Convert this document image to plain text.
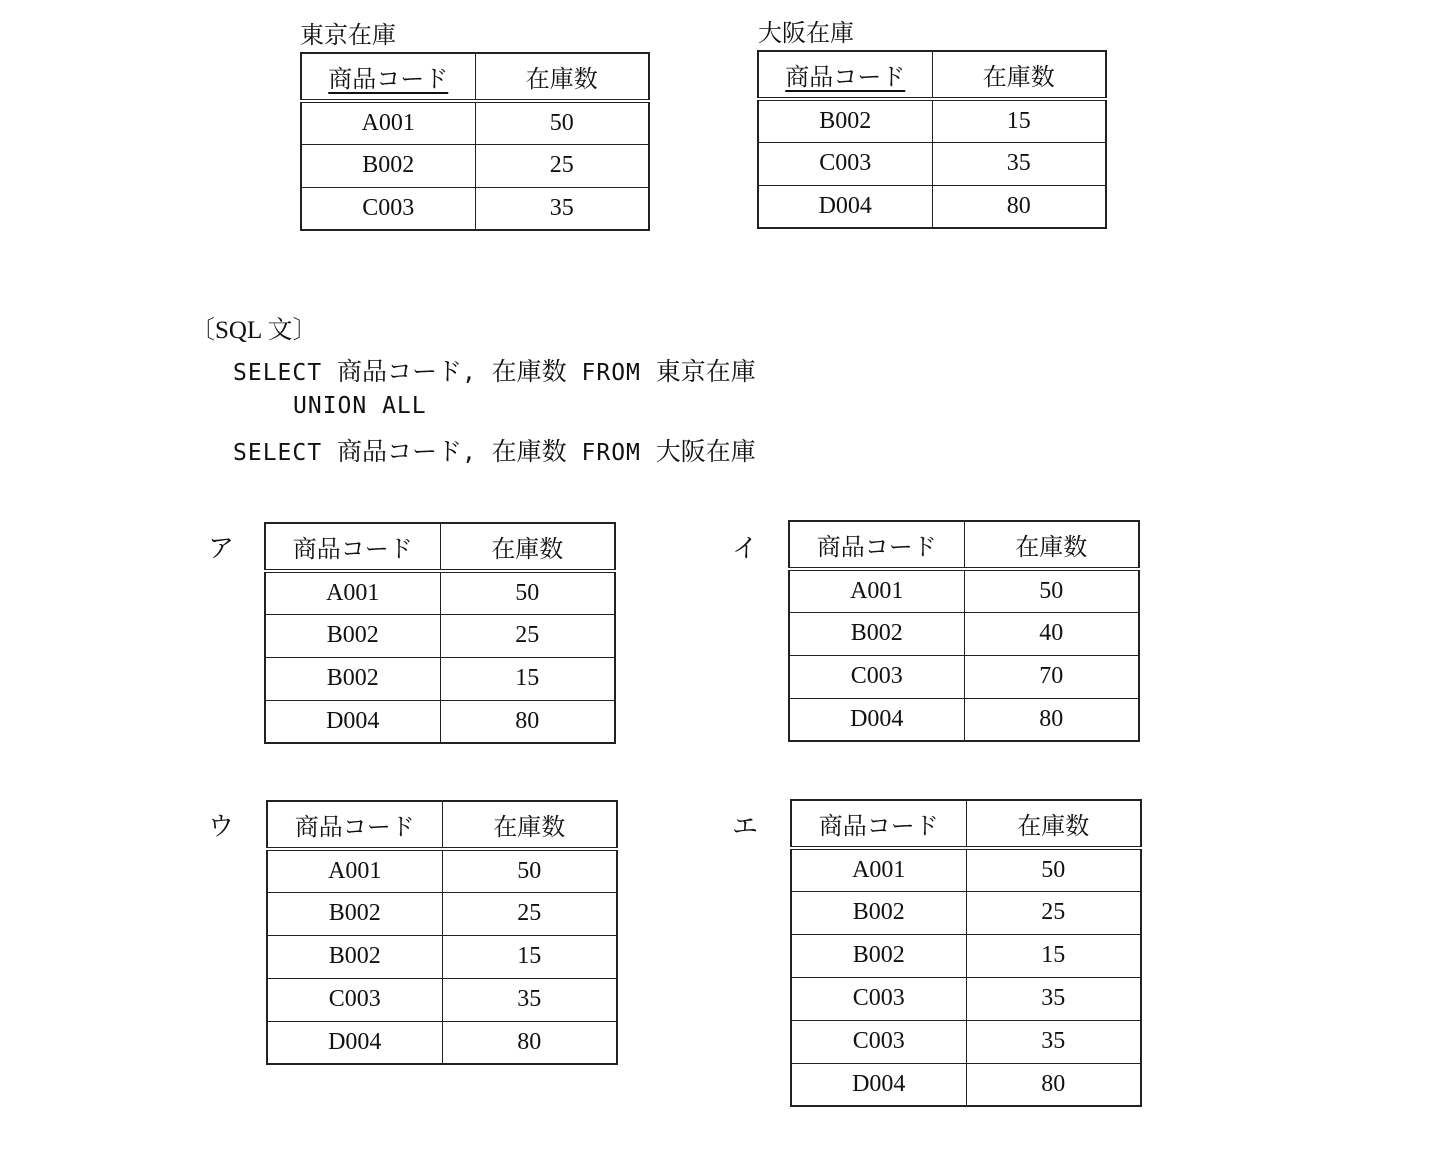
東京在庫
商品コード	在庫数
A001	50
B002	25
C003	35
大阪在庫
商品コード	在庫数
B002	15
C003	35
D004	80
〔SQL 文〕
SELECT 商品コード, 在庫数 FROM 東京在庫
UNION ALL
SELECT 商品コード, 在庫数 FROM 大阪在庫
ア 商品コード	在庫数
A001	50
B002	25
B002	15
D004	80
イ 商品コード	在庫数
A001	50
B002	40
C003	70
D004	80
ウ	商品コード	在庫数
A001	50
B002	25
B002	15
C003	35
D004	80
エ	商品コード	在庫数
A001	50
B002	25
B002	15
C003	35
C003	35
D004	80
